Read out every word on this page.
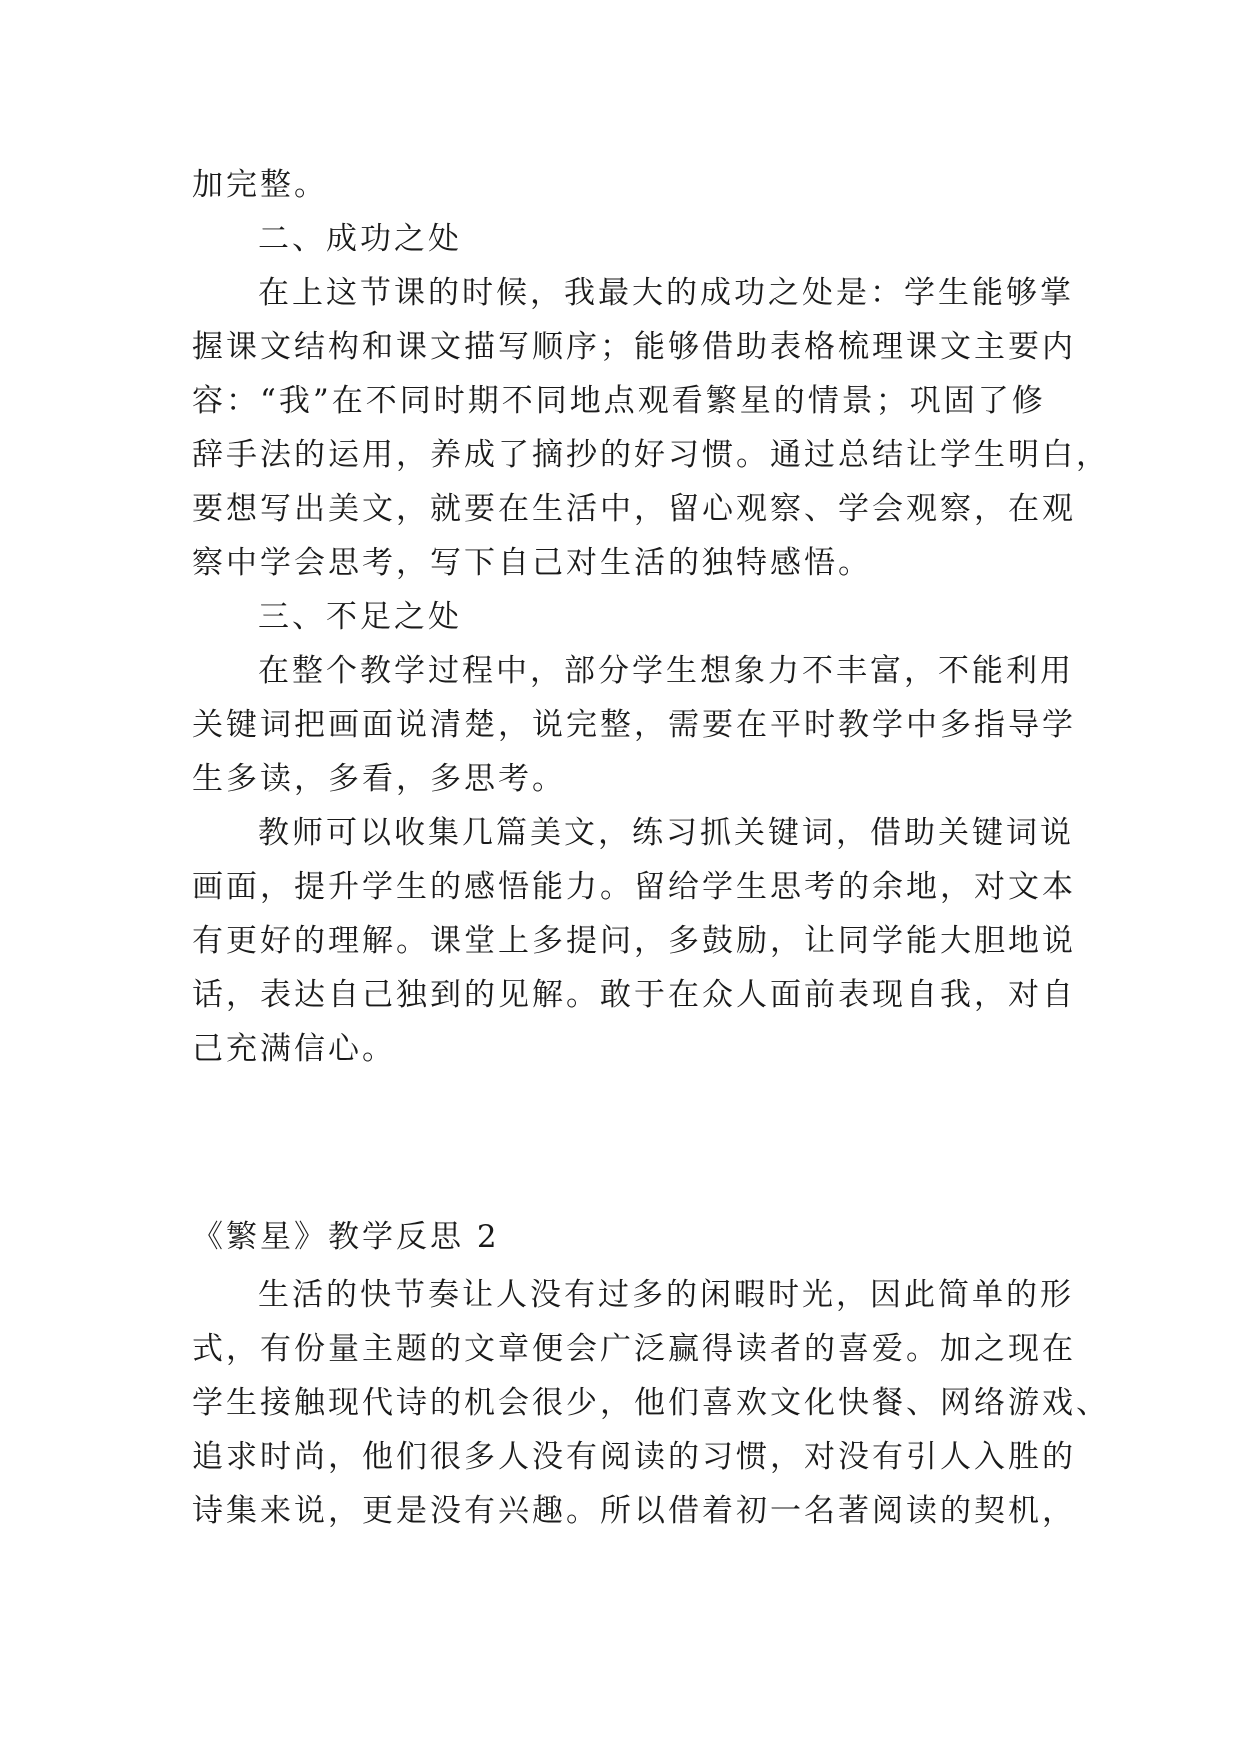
加完整。
二、成功之处
在上这节课的时候，我最大的成功之处是：学生能够掌
握课文结构和课文描写顺序；能够借助表格梳理课文主要内
容：“我”在不同时期不同地点观看繁星的情景；巩固了修
辞手法的运用，养成了摘抄的好习惯。通过总结让学生明白，
要想写出美文，就要在生活中，留心观察、学会观察，在观
察中学会思考，写下自己对生活的独特感悟。
三、不足之处
在整个教学过程中，部分学生想象力不丰富，不能利用
关键词把画面说清楚，说完整，需要在平时教学中多指导学
生多读，多看，多思考。
教师可以收集几篇美文，练习抓关键词，借助关键词说
画面，提升学生的感悟能力。留给学生思考的余地，对文本
有更好的理解。课堂上多提问，多鼓励，让同学能大胆地说
话，表达自己独到的见解。敢于在众人面前表现自我，对自
己充满信心。
《繁星》教学反思 2
生活的快节奏让人没有过多的闲暇时光，因此简单的形
式，有份量主题的文章便会广泛赢得读者的喜爱。加之现在
学生接触现代诗的机会很少，他们喜欢文化快餐、网络游戏、
追求时尚，他们很多人没有阅读的习惯，对没有引人入胜的
诗集来说，更是没有兴趣。所以借着初一名著阅读的契机，
